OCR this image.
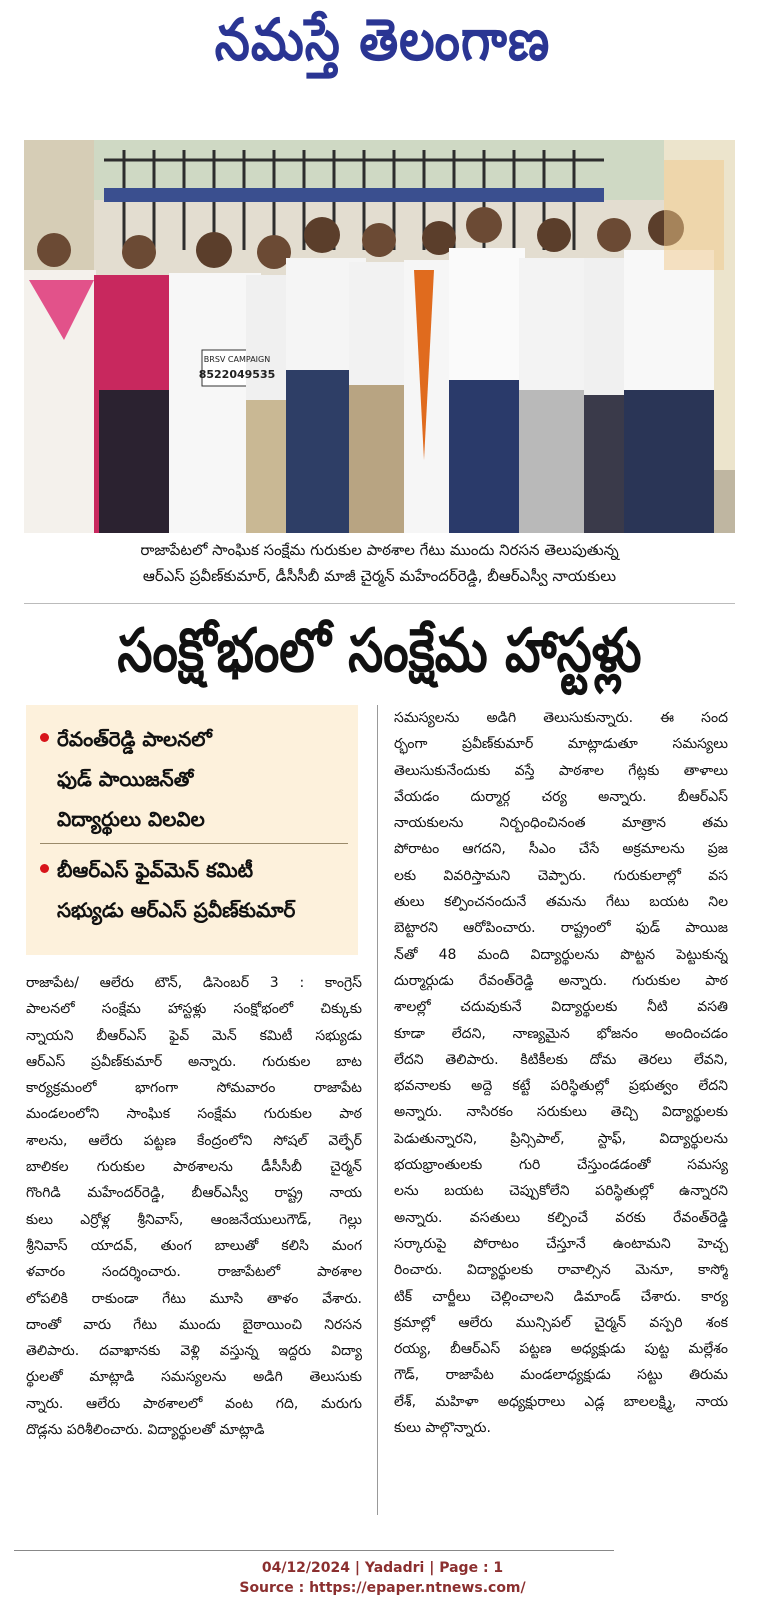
నమస్తే తెలంగాణ
BRSV CAMPAIGN
8522049535
రాజాపేటలో సాంఘిక సంక్షేమ గురుకుల పాఠశాల గేటు ముందు నిరసన తెలుపుతున్న
ఆర్ఎస్ ప్రవీణ్‌కుమార్, డీసీసీబీ మాజీ చైర్మన్ మహేందర్‌రెడ్డి, బీఆర్ఎస్వీ నాయకులు
సంక్షోభంలో సంక్షేమ హాస్టళ్లు
రేవంత్‌రెడ్డి పాలనలో
ఫుడ్ పాయిజన్‌తో
విద్యార్థులు విలవిల
బీఆర్ఎస్ ఫైవ్‌మెన్ కమిటీ
సభ్యుడు ఆర్ఎస్ ప్రవీణ్‌కుమార్
రాజాపేట/ ఆలేరు టౌన్, డిసెంబర్ 3 : కాంగ్రెస్
పాలనలో సంక్షేమ హాస్టళ్లు సంక్షోభంలో చిక్కుకు
న్నాయని బీఆర్ఎస్ ఫైవ్ మెన్ కమిటీ సభ్యుడు
ఆర్ఎస్ ప్రవీణ్‌కుమార్ అన్నారు. గురుకుల బాట
కార్యక్రమంలో భాగంగా సోమవారం రాజాపేట
మండలంలోని సాంఘిక సంక్షేమ గురుకుల పాఠ
శాలను, ఆలేరు పట్టణ కేంద్రంలోని సోషల్ వెల్ఫేర్
బాలికల గురుకుల పాఠశాలను డీసీసీబీ చైర్మన్
గొంగిడి మహేందర్‌రెడ్డి, బీఆర్ఎస్వీ రాష్ట్ర నాయ
కులు ఎర్రోళ్ల శ్రీనివాస్, ఆంజనేయులుగౌడ్, గెల్లు
శ్రీనివాస్ యాదవ్, తుంగ బాలుతో కలిసి మంగ
ళవారం సందర్శించారు. రాజాపేటలో పాఠశాల
లోపలికి రాకుండా గేటు మూసి తాళం వేశారు.
దాంతో వారు గేటు ముందు బైఠాయించి నిరసన
తెలిపారు. దవాఖానకు వెళ్లి వస్తున్న ఇద్దరు విద్యా
ర్థులతో మాట్లాడి సమస్యలను అడిగి తెలుసుకు
న్నారు. ఆలేరు పాఠశాలలో వంట గది, మరుగు
దొడ్లను పరిశీలించారు. విద్యార్థులతో మాట్లాడి
సమస్యలను అడిగి తెలుసుకున్నారు. ఈ సంద
ర్భంగా ప్రవీణ్‌కుమార్ మాట్లాడుతూ సమస్యలు
తెలుసుకునేందుకు వస్తే పాఠశాల గేట్లకు తాళాలు
వేయడం దుర్మార్గ చర్య అన్నారు. బీఆర్ఎస్
నాయకులను నిర్బంధించినంత మాత్రాన తమ
పోరాటం ఆగదని, సీఎం చేసే అక్రమాలను ప్రజ
లకు వివరిస్తామని చెప్పారు. గురుకులాల్లో వస
తులు కల్పించనందునే తమను గేటు బయట నిల
బెట్టారని ఆరోపించారు. రాష్ట్రంలో ఫుడ్ పాయిజ
న్‌తో 48 మంది విద్యార్థులను పొట్టన పెట్టుకున్న
దుర్మార్గుడు రేవంత్‌రెడ్డి అన్నారు. గురుకుల పాఠ
శాలల్లో చదువుకునే విద్యార్థులకు నీటి వసతి
కూడా లేదని, నాణ్యమైన భోజనం అందించడం
లేదని తెలిపారు. కిటికీలకు దోమ తెరలు లేవని,
భవనాలకు అద్దె కట్టే పరిస్థితుల్లో ప్రభుత్వం లేదని
అన్నారు. నాసిరకం సరుకులు తెచ్చి విద్యార్థులకు
పెడుతున్నారని, ప్రిన్సిపాల్, స్టాఫ్, విద్యార్థులను
భయభ్రాంతులకు గురి చేస్తుండడంతో సమస్య
లను బయట చెప్పుకోలేని పరిస్థితుల్లో ఉన్నారని
అన్నారు. వసతులు కల్పించే వరకు రేవంత్‌రెడ్డి
సర్కారుపై పోరాటం చేస్తూనే ఉంటామని హెచ్చ
రించారు. విద్యార్థులకు రావాల్సిన మెనూ, కాస్మో
టిక్ చార్జీలు చెల్లించాలని డిమాండ్ చేశారు. కార్య
క్రమాల్లో ఆలేరు మున్సిపల్ చైర్మన్ వస్పరి శంక
రయ్య, బీఆర్ఎస్ పట్టణ అధ్యక్షుడు పుట్ట మల్లేశం
గౌడ్, రాజాపేట మండలాధ్యక్షుడు సట్టు తిరుమ
లేశ్, మహిళా అధ్యక్షురాలు ఎడ్ల బాలలక్ష్మి, నాయ
కులు పాల్గొన్నారు.
04/12/2024 | Yadadri | Page : 1
Source : https://epaper.ntnews.com/
